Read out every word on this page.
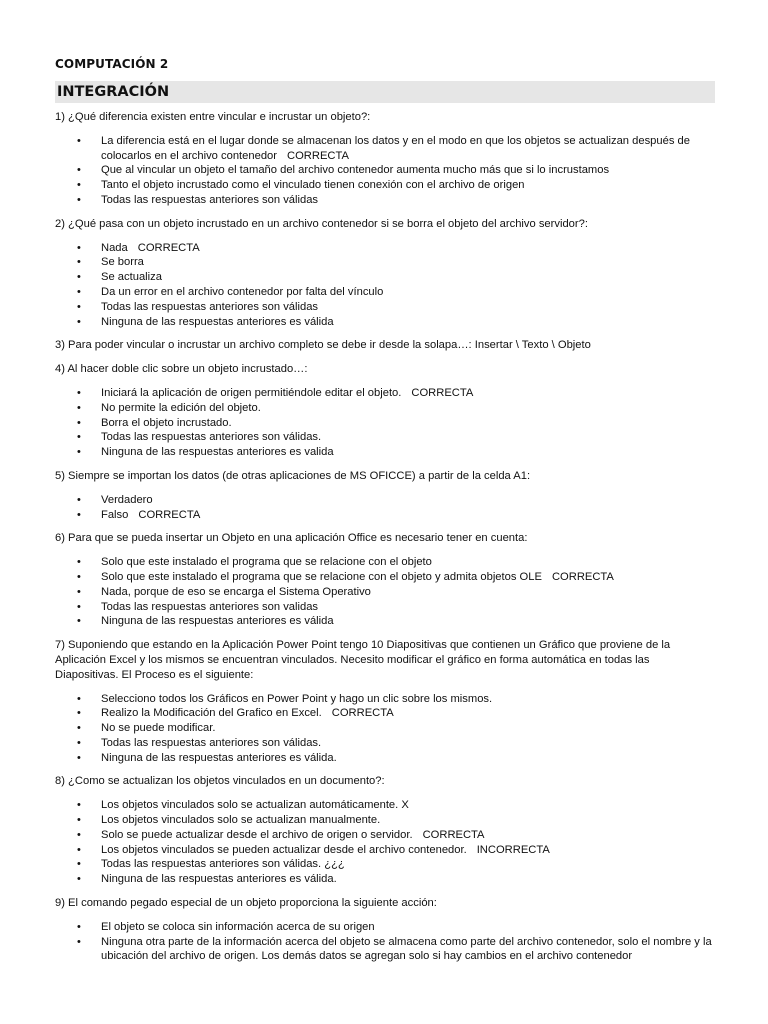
COMPUTACIÓN 2
INTEGRACIÓN
1) ¿Qué diferencia existen entre vincular e incrustar un objeto?:
• La diferencia está en el lugar donde se almacenan los datos y en el modo en que los objetos se actualizan después de colocarlos en el archivo contenedor CORRECTA
• Que al vincular un objeto el tamaño del archivo contenedor aumenta mucho más que si lo incrustamos
• Tanto el objeto incrustado como el vinculado tienen conexión con el archivo de origen
• Todas las respuestas anteriores son válidas
2) ¿Qué pasa con un objeto incrustado en un archivo contenedor si se borra el objeto del archivo servidor?:
• Nada CORRECTA
• Se borra
• Se actualiza
• Da un error en el archivo contenedor por falta del vínculo
• Todas las respuestas anteriores son válidas
• Ninguna de las respuestas anteriores es válida
3) Para poder vincular o incrustar un archivo completo se debe ir desde la solapa…: Insertar \ Texto \ Objeto
4) Al hacer doble clic sobre un objeto incrustado…:
• Iniciará la aplicación de origen permitiéndole editar el objeto. CORRECTA
• No permite la edición del objeto.
• Borra el objeto incrustado.
• Todas las respuestas anteriores son válidas.
• Ninguna de las respuestas anteriores es valida
5) Siempre se importan los datos (de otras aplicaciones de MS OFICCE) a partir de la celda A1:
• Verdadero
• Falso CORRECTA
6) Para que se pueda insertar un Objeto en una aplicación Office es necesario tener en cuenta:
• Solo que este instalado el programa que se relacione con el objeto
• Solo que este instalado el programa que se relacione con el objeto y admita objetos OLE CORRECTA
• Nada, porque de eso se encarga el Sistema Operativo
• Todas las respuestas anteriores son validas
• Ninguna de las respuestas anteriores es válida
7) Suponiendo que estando en la Aplicación Power Point tengo 10 Diapositivas que contienen un Gráfico que proviene de la Aplicación Excel y los mismos se encuentran vinculados. Necesito modificar el gráfico en forma automática en todas las Diapositivas. El Proceso es el siguiente:
• Selecciono todos los Gráficos en Power Point y hago un clic sobre los mismos.
• Realizo la Modificación del Grafico en Excel. CORRECTA
• No se puede modificar.
• Todas las respuestas anteriores son válidas.
• Ninguna de las respuestas anteriores es válida.
8) ¿Como se actualizan los objetos vinculados en un documento?:
• Los objetos vinculados solo se actualizan automáticamente. X
• Los objetos vinculados solo se actualizan manualmente.
• Solo se puede actualizar desde el archivo de origen o servidor. CORRECTA
• Los objetos vinculados se pueden actualizar desde el archivo contenedor. INCORRECTA
• Todas las respuestas anteriores son válidas. ¿¿¿
• Ninguna de las respuestas anteriores es válida.
9) El comando pegado especial de un objeto proporciona la siguiente acción:
• El objeto se coloca sin información acerca de su origen
• Ninguna otra parte de la información acerca del objeto se almacena como parte del archivo contenedor, solo el nombre y la ubicación del archivo de origen. Los demás datos se agregan solo si hay cambios en el archivo contenedor
